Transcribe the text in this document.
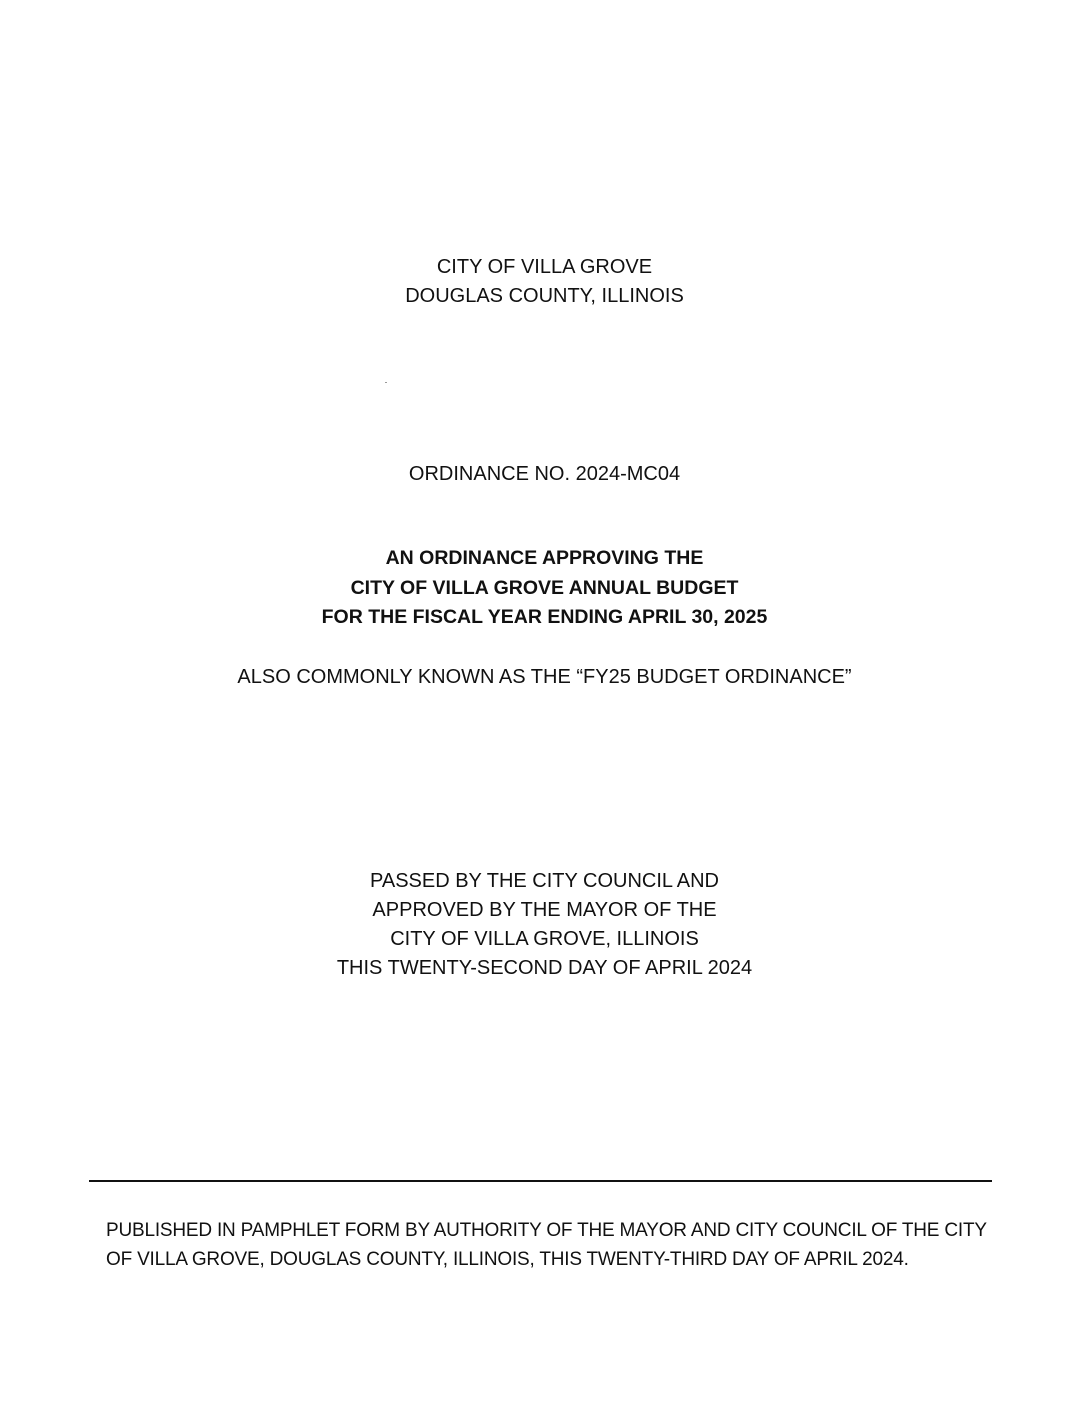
CITY OF VILLA GROVE
DOUGLAS COUNTY, ILLINOIS
ORDINANCE NO. 2024-MC04
AN ORDINANCE APPROVING THE
CITY OF VILLA GROVE ANNUAL BUDGET
FOR THE FISCAL YEAR ENDING APRIL 30, 2025
ALSO COMMONLY KNOWN AS THE “FY25 BUDGET ORDINANCE”
PASSED BY THE CITY COUNCIL AND
APPROVED BY THE MAYOR OF THE
CITY OF VILLA GROVE, ILLINOIS
THIS TWENTY-SECOND DAY OF APRIL 2024
PUBLISHED IN PAMPHLET FORM BY AUTHORITY OF THE MAYOR AND CITY COUNCIL OF THE CITY
OF VILLA GROVE, DOUGLAS COUNTY, ILLINOIS, THIS TWENTY-THIRD DAY OF APRIL 2024.
